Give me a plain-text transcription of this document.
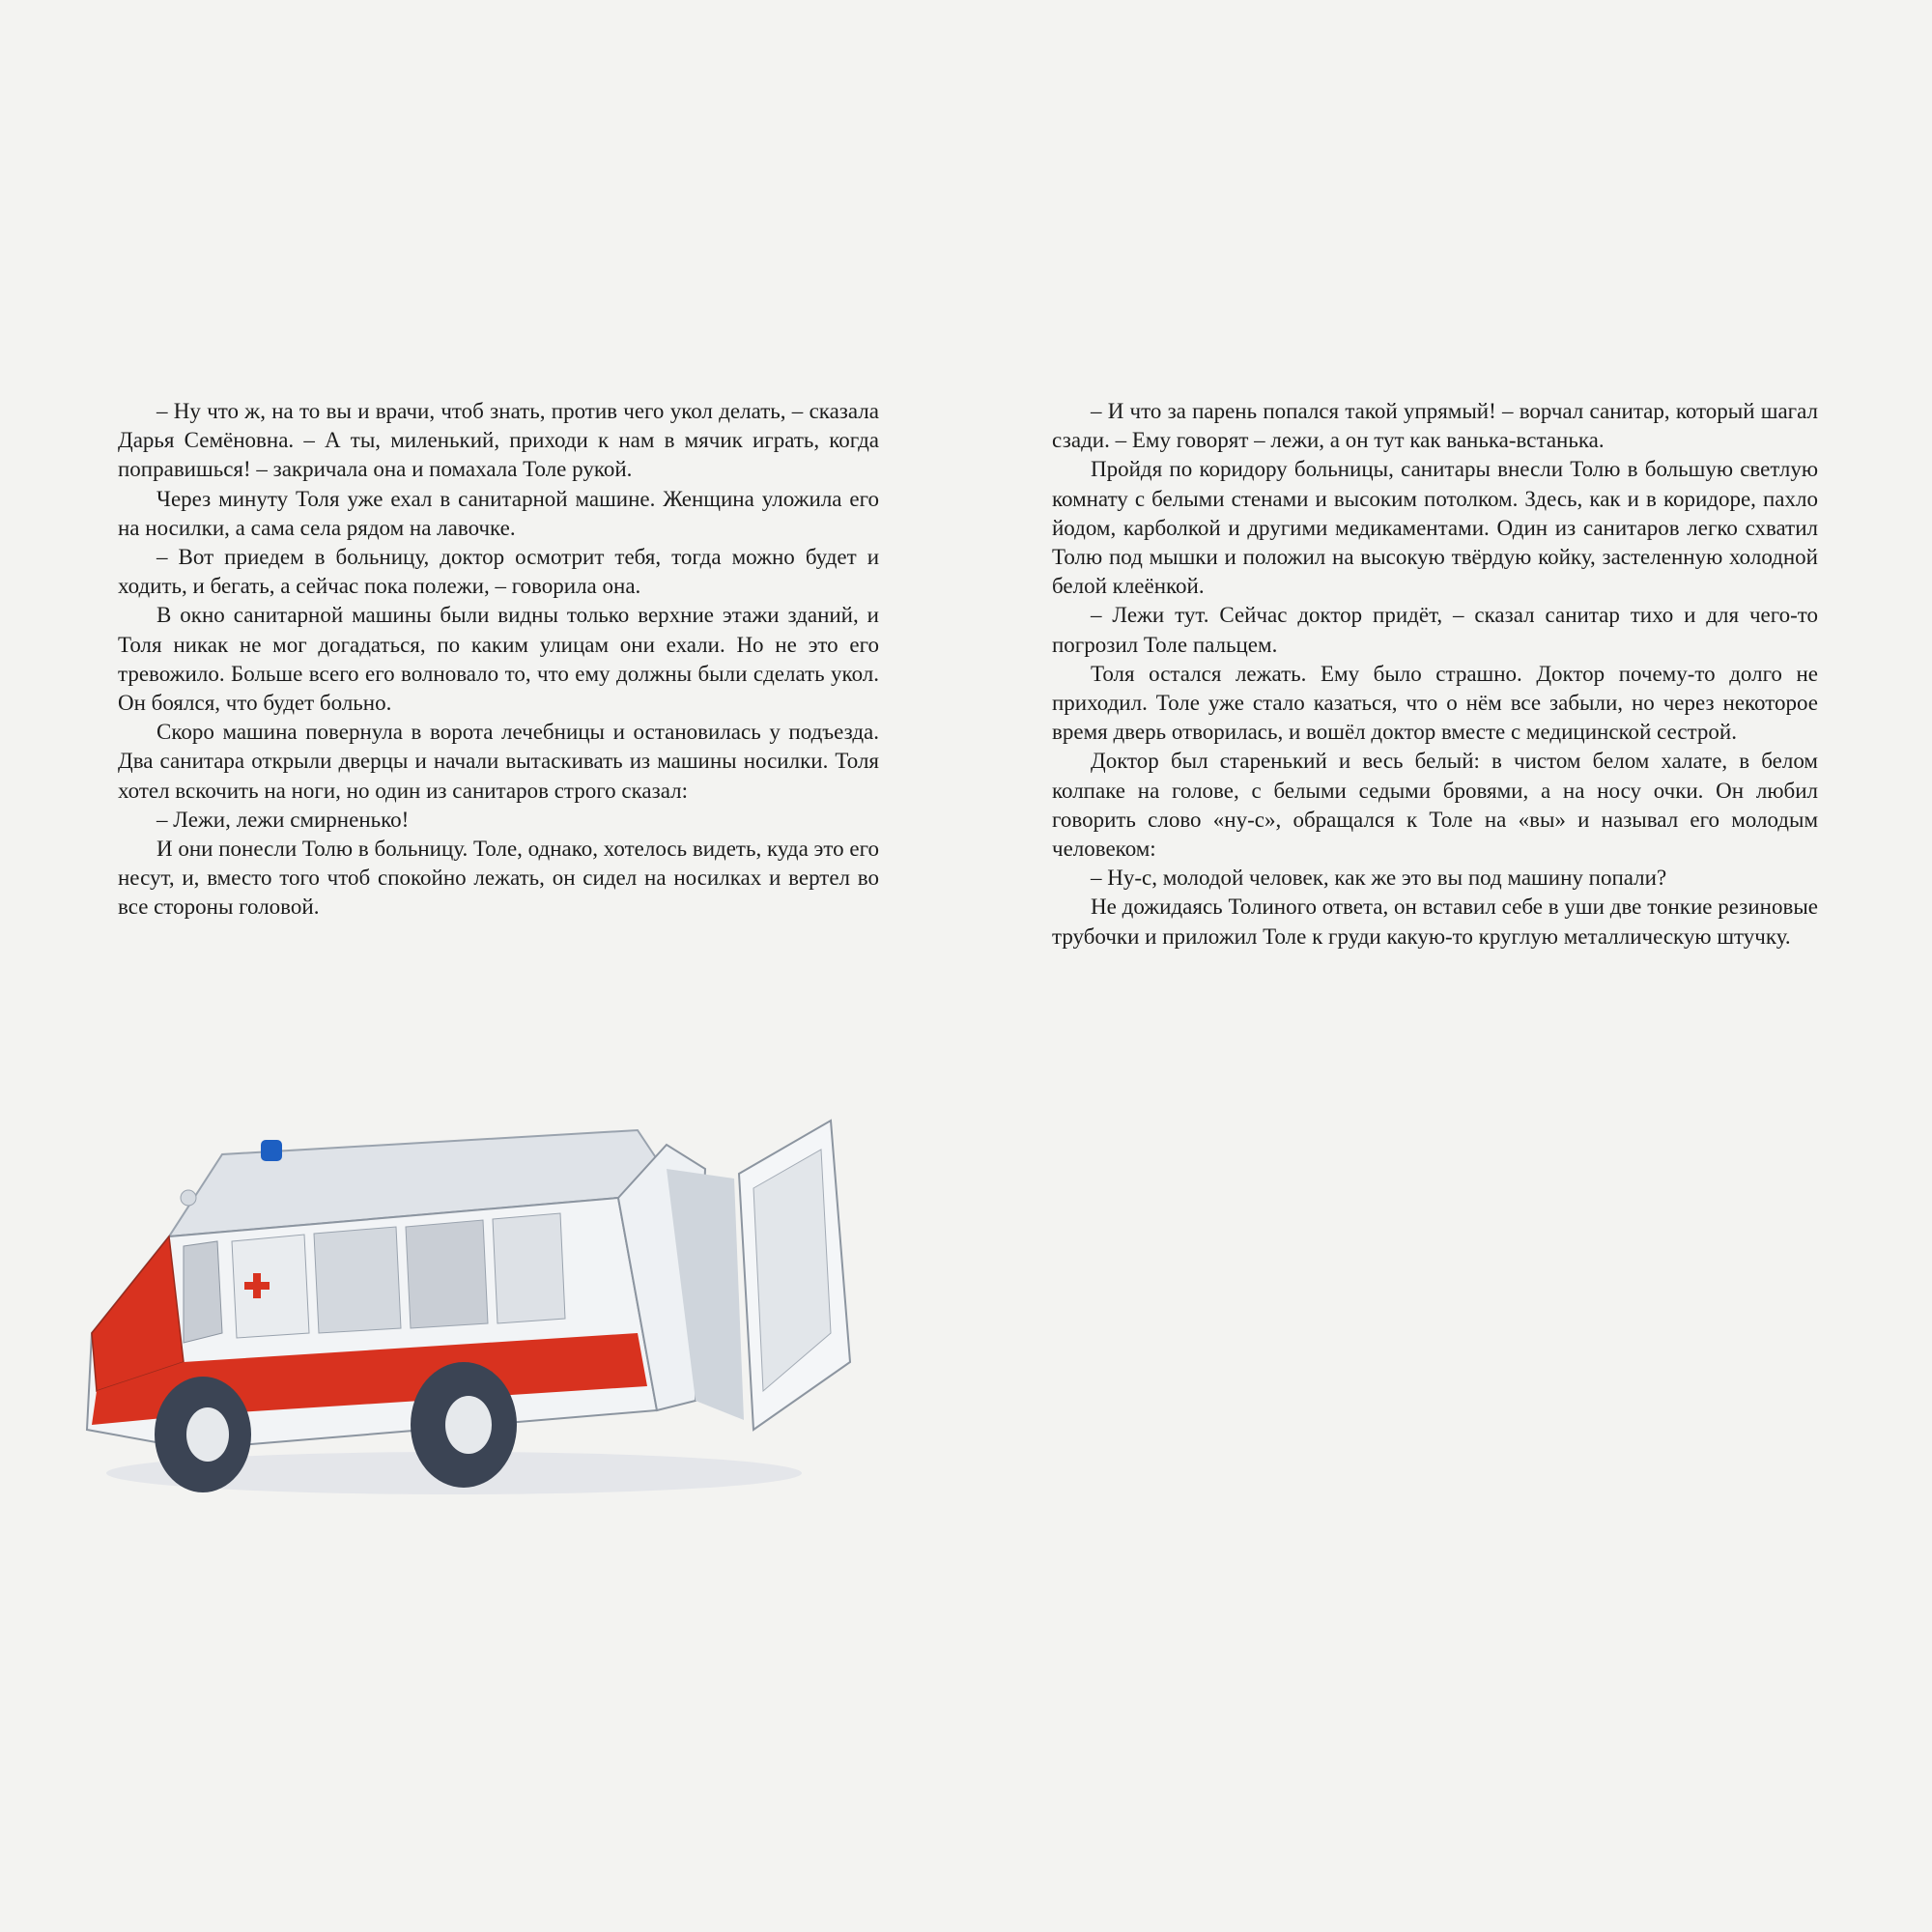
– Ну что ж, на то вы и врачи, чтоб знать, против чего укол делать, – сказала Дарья Семёновна. – А ты, миленький, приходи к нам в мячик играть, когда поправишься! – закричала она и помахала Толе рукой.

Через минуту Толя уже ехал в санитарной машине. Женщина уложила его на носилки, а сама села рядом на лавочке.

– Вот приедем в больницу, доктор осмотрит тебя, тогда можно будет и ходить, и бегать, а сейчас пока полежи, – говорила она.

В окно санитарной машины были видны только верхние этажи зданий, и Толя никак не мог догадаться, по каким улицам они ехали. Но не это его тревожило. Больше всего его волновало то, что ему должны были сделать укол. Он боялся, что будет больно.

Скоро машина повернула в ворота лечебницы и остановилась у подъезда. Два санитара открыли дверцы и начали вытаскивать из машины носилки. Толя хотел вскочить на ноги, но один из санитаров строго сказал:

– Лежи, лежи смирненько!

И они понесли Толю в больницу. Толе, однако, хотелось видеть, куда это его несут, и, вместо того чтоб спокойно лежать, он сидел на носилках и вертел во все стороны головой.

– И что за парень попался такой упрямый! – ворчал санитар, который шагал сзади. – Ему говорят – лежи, а он тут как ванька-встанька.

Пройдя по коридору больницы, санитары внесли Толю в большую светлую комнату с белыми стенами и высоким потолком. Здесь, как и в коридоре, пахло йодом, карболкой и другими медикаментами. Один из санитаров легко схватил Толю под мышки и положил на высокую твёрдую койку, застеленную холодной белой клеёнкой.

– Лежи тут. Сейчас доктор придёт, – сказал санитар тихо и для чего-то погрозил Толе пальцем.

Толя остался лежать. Ему было страшно. Доктор почему-то долго не приходил. Толе уже стало казаться, что о нём все забыли, но через некоторое время дверь отворилась, и вошёл доктор вместе с медицинской сестрой.

Доктор был старенький и весь белый: в чистом белом халате, в белом колпаке на голове, с белыми седыми бровями, а на носу очки. Он любил говорить слово «ну-с», обращался к Толе на «вы» и называл его молодым человеком:

– Ну-с, молодой человек, как же это вы под машину попали?

Не дожидаясь Толиного ответа, он вставил себе в уши две тонкие резиновые трубочки и приложил Толе к груди какую-то круглую металлическую штучку.
